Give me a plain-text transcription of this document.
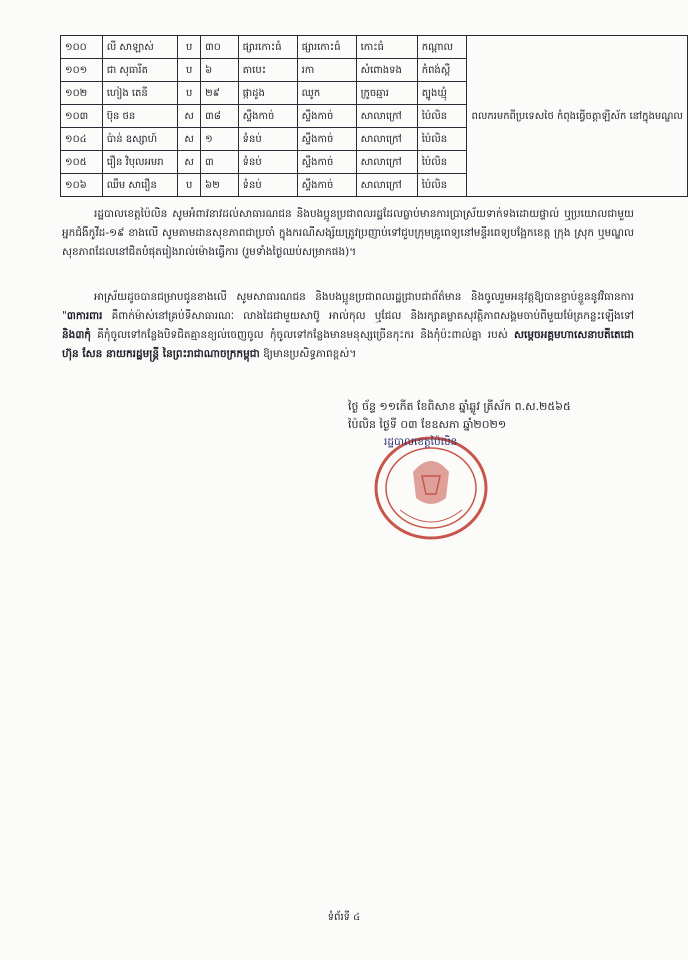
១០០	លី សាឡាស់	ប	៣០	ផ្សារកោះធំ	ផ្សារកោះធំ	កោះធំ	កណ្ដាល	ពលករមកពីប្រទេសថៃ កំពុងធ្វើចត្តាឡីស័ក នៅក្នុងមណ្ឌល
១០១	ជា សុធារីត	ប	៦	តាបេះ	រកា	សំពោងទង	កំពង់ស្ពឺ	
១០២	ហៀង តេនី	ប	២៩	ផ្កាដូង	ឈូក	ក្រូចឆ្មារ	ត្បូងឃ្មុំ	
១០៣	ប៊ុន ថន	ស	៣៨	ស្ទឹងកាច់	ស្ទឹងកាច់	សាលាក្រៅ	ប៉ៃលិន	
១០៤	ប៉ាន់ ឧស្សាហ៍	ស	១	ទំនប់	ស្ទឹងកាច់	សាលាក្រៅ	ប៉ៃលិន	
១០៥	រឿន វិបុលអមរា	ស	៣	ទំនប់	ស្ទឹងកាច់	សាលាក្រៅ	ប៉ៃលិន	
១០៦	ឈឹម សារឿន	ប	៦២	ទំនប់	ស្ទឹងកាច់	សាលាក្រៅ	ប៉ៃលិន	

រដ្ឋបាលខេត្តប៉ៃលិន សូមអំពាវនាវដល់សាធារណជន និងបងប្អូនប្រជាពលរដ្ឋដែលធ្លាប់មានការប្រាស្រ័យទាក់ទងដោយផ្ទាល់ ឬប្រយោលជាមួយអ្នកជំងឺកូវីដ-១៩ ខាងលើ សូមតាមដានសុខភាពជាប្រចាំ ក្នុងករណីសង្ស័យត្រូវប្រញាប់ទៅជួបក្រុមគ្រូពេទ្យនៅមន្ទីរពេទ្យបង្អែកខេត្ត ក្រុង ស្រុក ឬមណ្ឌលសុខភាពដែលនៅជិតបំផុតរៀងរាល់ម៉ោងធ្វើការ (រួមទាំងថ្ងៃឈប់សម្រាកផង)។

អាស្រ័យដូចបានជម្រាបជូនខាងលើ សូមសាធារណជន និងបងប្អូនប្រជាពលរដ្ឋជ្រាបជាព័ត៌មាន និងចូលរួមអនុវត្តឱ្យបានខ្ជាប់ខ្ជួននូវវិធានការ "៣ការពារ គឺពាក់ម៉ាស់នៅគ្រប់ទីសាធារណៈ លាងដៃជាមួយសាប៊ូ អាល់កុល ឬជែល និងរក្សាគម្លាតសុវត្ថិភាពសង្គមចាប់ពីមួយម៉ែត្រកន្លះឡើងទៅ និង៣កុំ គឺកុំចូលទៅកន្លែងបិទជិតគ្មានខ្យល់ចេញចូល កុំចូលទៅកន្លែងមានមនុស្សច្រើនកុះករ និងកុំប៉ះពាល់គ្នា របស់ សម្ដេចអគ្គមហាសេនាបតីតេជោ ហ៊ុន សែន នាយករដ្ឋមន្ត្រី នៃព្រះរាជាណាចក្រកម្ពុជា ឱ្យមានប្រសិទ្ធភាពខ្ពស់។

ថ្ងៃ ច័ន្ទ ១១កើត ខែពិសាខ ឆ្នាំឆ្លូវ ត្រីស័ក ព.ស.២៥៦៥
ប៉ៃលិន ថ្ងៃទី ០៣ ខែឧសភា ឆ្នាំ២០២១
រដ្ឋបាលខេត្តប៉ៃលិន
ទំព័រទី ៤
